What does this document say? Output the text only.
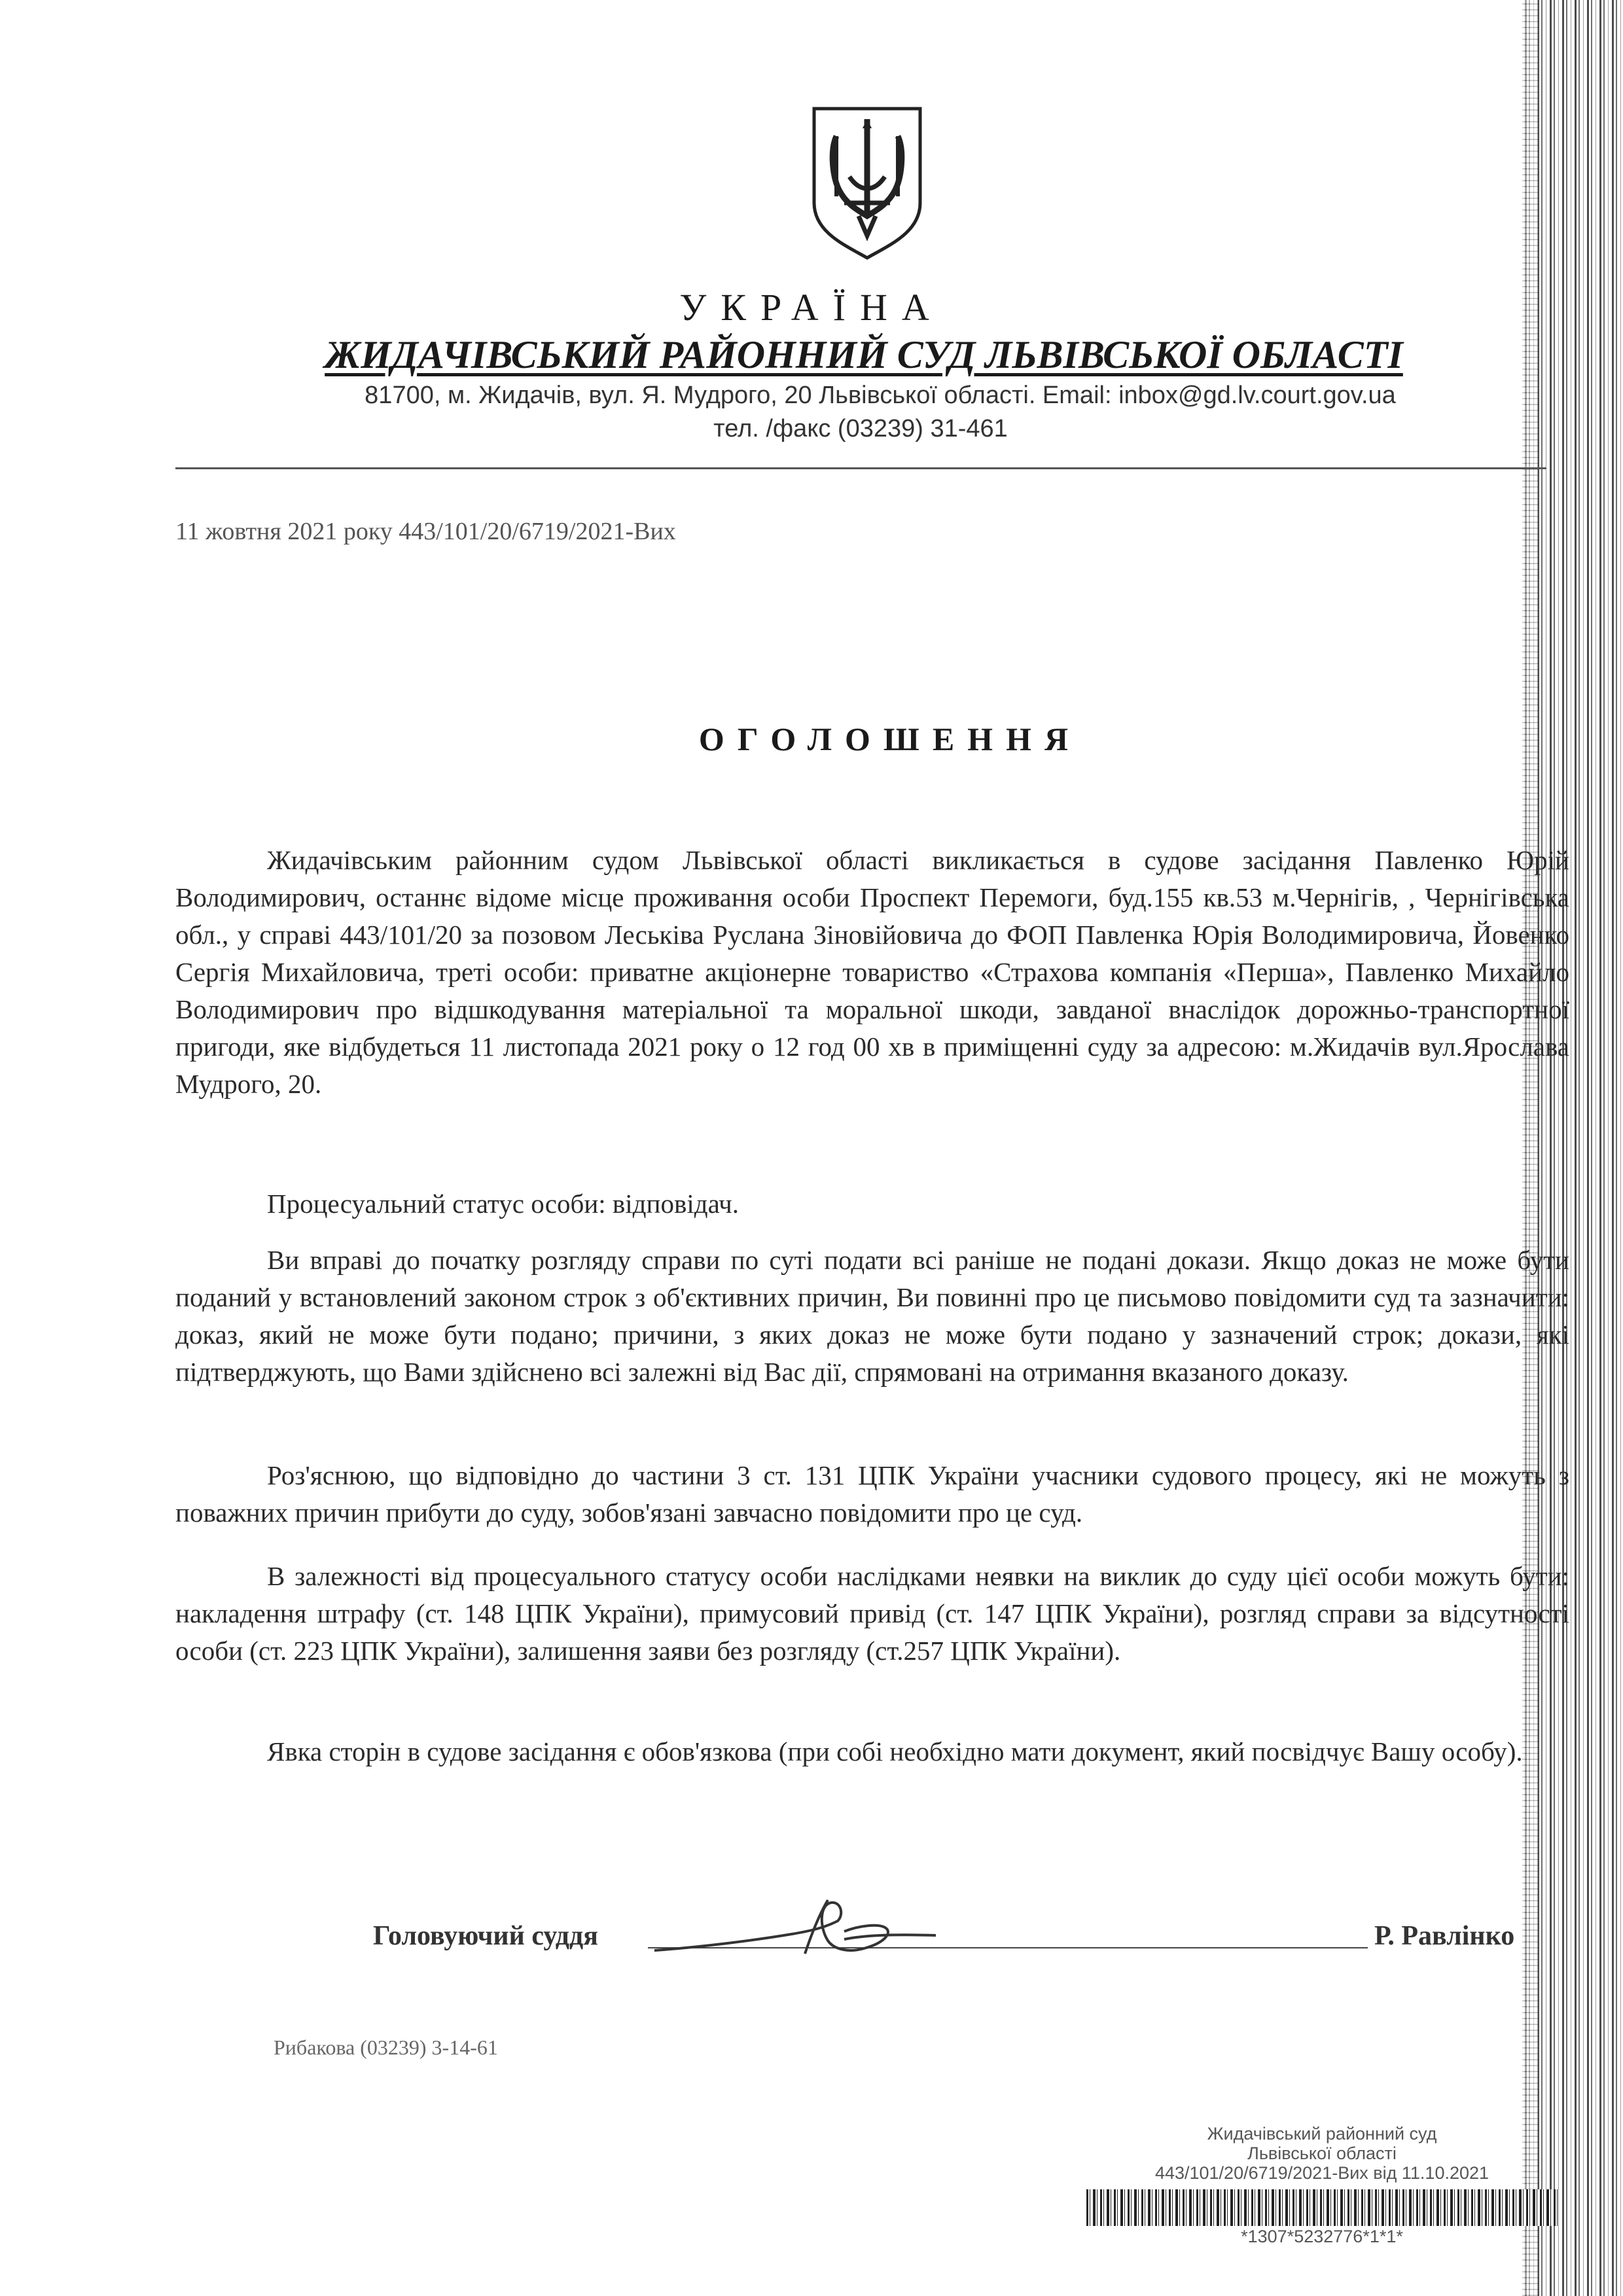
УКРАЇНА
ЖИДАЧІВСЬКИЙ РАЙОННИЙ СУД ЛЬВІВСЬКОЇ ОБЛАСТІ
81700, м. Жидачів, вул. Я. Мудрого, 20 Львівської області. Email: inbox@gd.lv.court.gov.ua
тел. /факс (03239) 31-461
11 жовтня 2021 року 443/101/20/6719/2021-Вих
ОГОЛОШЕННЯ

Жидачівським районним судом Львівської області викликається в судове засідання Павленко Юрій Володимирович, останнє відоме місце проживання особи Проспект Перемоги, буд.155 кв.53 м.Чернігів, , Чернігівська обл., у справі 443/101/20 за позовом Леськіва Руслана Зіновійовича до ФОП Павленка Юрія Володимировича, Йовенко Сергія Михайловича, треті особи: приватне акціонерне товариство «Страхова компанія «Перша», Павленко Михайло Володимирович про відшкодування матеріальної та моральної шкоди, завданої внаслідок дорожньо-транспортної пригоди, яке відбудеться 11 листопада 2021 року о 12 год 00 хв в приміщенні суду за адресою: м.Жидачів вул.Ярослава Мудрого, 20.

Процесуальний статус особи: відповідач.

Ви вправі до початку розгляду справи по суті подати всі раніше не подані докази. Якщо доказ не може бути поданий у встановлений законом строк з об'єктивних причин, Ви повинні про це письмово повідомити суд та зазначити: доказ, який не може бути подано; причини, з яких доказ не може бути подано у зазначений строк; докази, які підтверджують, що Вами здійснено всі залежні від Вас дії, спрямовані на отримання вказаного доказу.

Роз'яснюю, що відповідно до частини 3 ст. 131 ЦПК України учасники судового процесу, які не можуть з поважних причин прибути до суду, зобов'язані завчасно повідомити про це суд.

В залежності від процесуального статусу особи наслідками неявки на виклик до суду цієї особи можуть бути: накладення штрафу (ст. 148 ЦПК України), примусовий привід (ст. 147 ЦПК України), розгляд справи за відсутності особи (ст. 223 ЦПК України), залишення заяви без розгляду (ст.257 ЦПК України).

Явка сторін в судове засідання є обов'язкова (при собі необхідно мати документ, який посвідчує Вашу особу).

Головуючий суддя	Р. Равлінко
Рибакова (03239) 3-14-61
Жидачівський районний суд
Львівської області
443/101/20/6719/2021-Вих від 11.10.2021
*1307*5232776*1*1*
